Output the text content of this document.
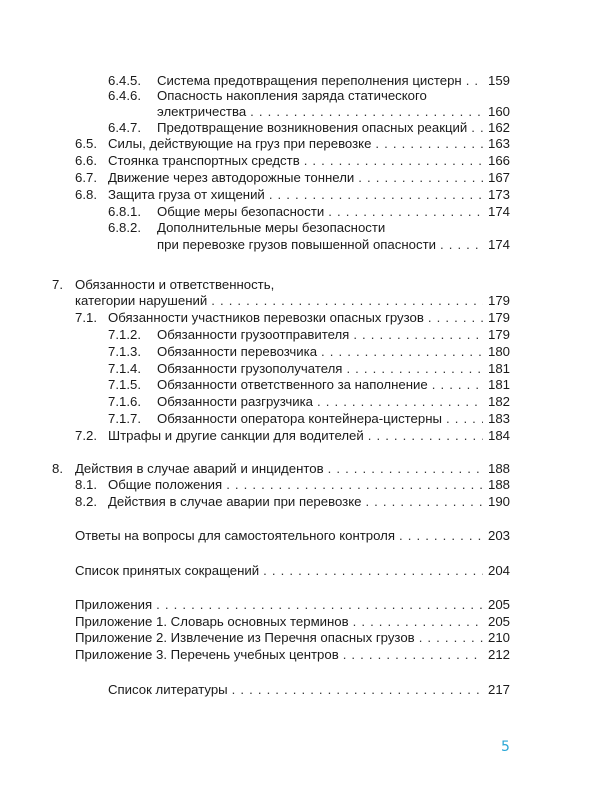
6.4.5.	Система предотвращения переполнения цистерн . . . 159
6.4.6.	Опасность накопления заряда статического
электричества . . .	160
6.4.7.	Предотвращение возникновения опасных реакций . . . 162
6.5. Силы, действующие на груз при перевозке . . .	163
6.6. Стоянка транспортных средств . . .	166
6.7. Движение через автодорожные тоннели . . .	167
6.8. Защита груза от хищений . . .	173
6.8.1.	Общие меры безопасности . . .	174
6.8.2.	Дополнительные меры безопасности
при перевозке грузов повышенной опасности . . .	174
7. Обязанности и ответственность,
категории нарушений . . .	179
7.1. Обязанности участников перевозки опасных грузов . . .	179
7.1.2.	Обязанности грузоотправителя . . .	179
7.1.3.	Обязанности перевозчика . . .	180
7.1.4.	Обязанности грузополучателя . . .	181
7.1.5.	Обязанности ответственного за наполнение . . .	181
7.1.6.	Обязанности разгрузчика . . .	182
7.1.7.	Обязанности оператора контейнера-цистерны . . .	183
7.2. Штрафы и другие санкции для водителей . . .	184
8. Действия в случае аварий и инцидентов . . .	188
8.1. Общие положения . . .	188
8.2. Действия в случае аварии при перевозке . . .	190
Ответы на вопросы для самостоятельного контроля . . .	203
Список принятых сокращений . . .	204
Приложения . . .	205
Приложение 1. Словарь основных терминов . . .	205
Приложение 2. Извлечение из Перечня опасных грузов . . .	210
Приложение 3. Перечень учебных центров . . .	212
Список литературы . . .	217
5
